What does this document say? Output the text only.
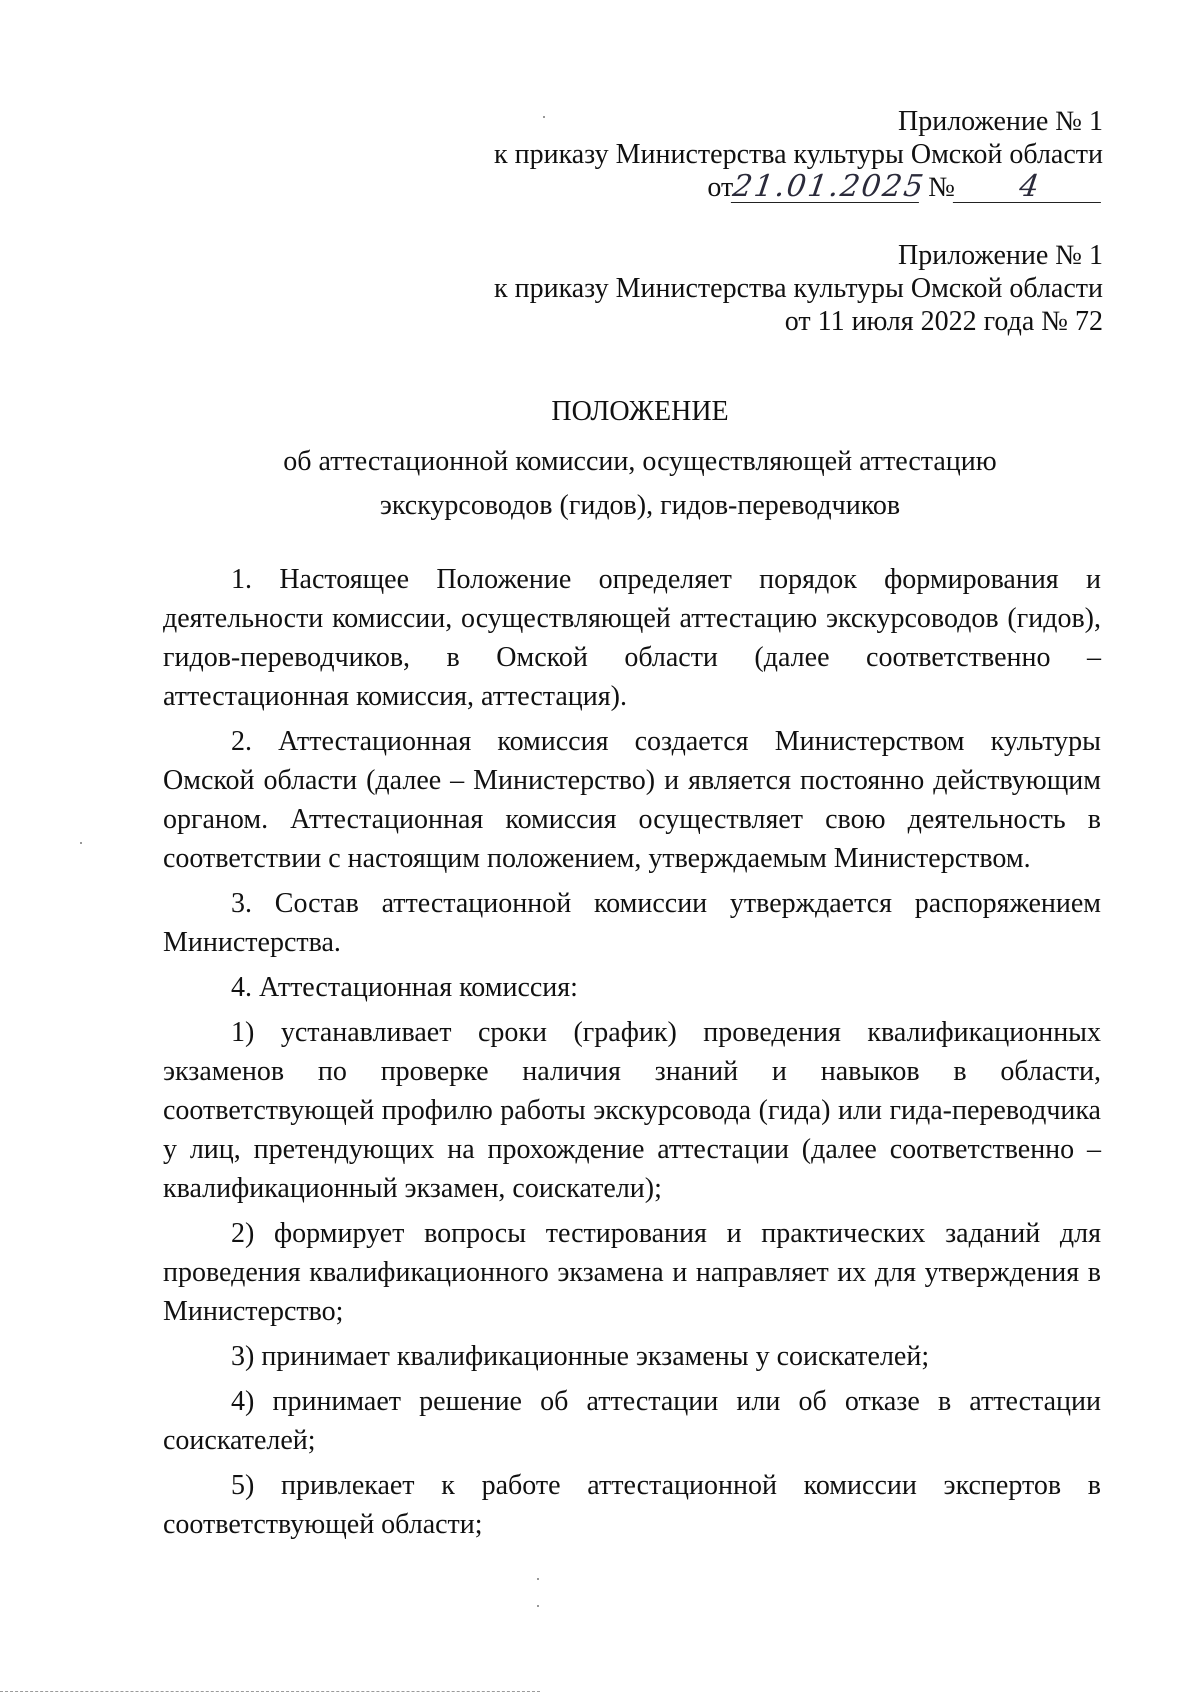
Приложение № 1
к приказу Министерства культуры Омской области
от21.01.2025 № 4
Приложение № 1
к приказу Министерства культуры Омской области
от 11 июля 2022 года № 72
ПОЛОЖЕНИЕ
об аттестационной комиссии, осуществляющей аттестацию
экскурсоводов (гидов), гидов-переводчиков

1. Настоящее Положение определяет порядок формирования и деятельности комиссии, осуществляющей аттестацию экскурсоводов (гидов), гидов-переводчиков, в Омской области (далее соответственно – аттестационная комиссия, аттестация).

2. Аттестационная комиссия создается Министерством культуры Омской области (далее – Министерство) и является постоянно действующим органом. Аттестационная комиссия осуществляет свою деятельность в соответствии с настоящим положением, утверждаемым Министерством.

3. Состав аттестационной комиссии утверждается распоряжением Министерства.

4. Аттестационная комиссия:

1) устанавливает сроки (график) проведения квалификационных экзаменов по проверке наличия знаний и навыков в области, соответствующей профилю работы экскурсовода (гида) или гида-переводчика у лиц, претендующих на прохождение аттестации (далее соответственно – квалификационный экзамен, соискатели);

2) формирует вопросы тестирования и практических заданий для проведения квалификационного экзамена и направляет их для утверждения в Министерство;

3) принимает квалификационные экзамены у соискателей;

4) принимает решение об аттестации или об отказе в аттестации соискателей;

5) привлекает к работе аттестационной комиссии экспертов в соответствующей области;
